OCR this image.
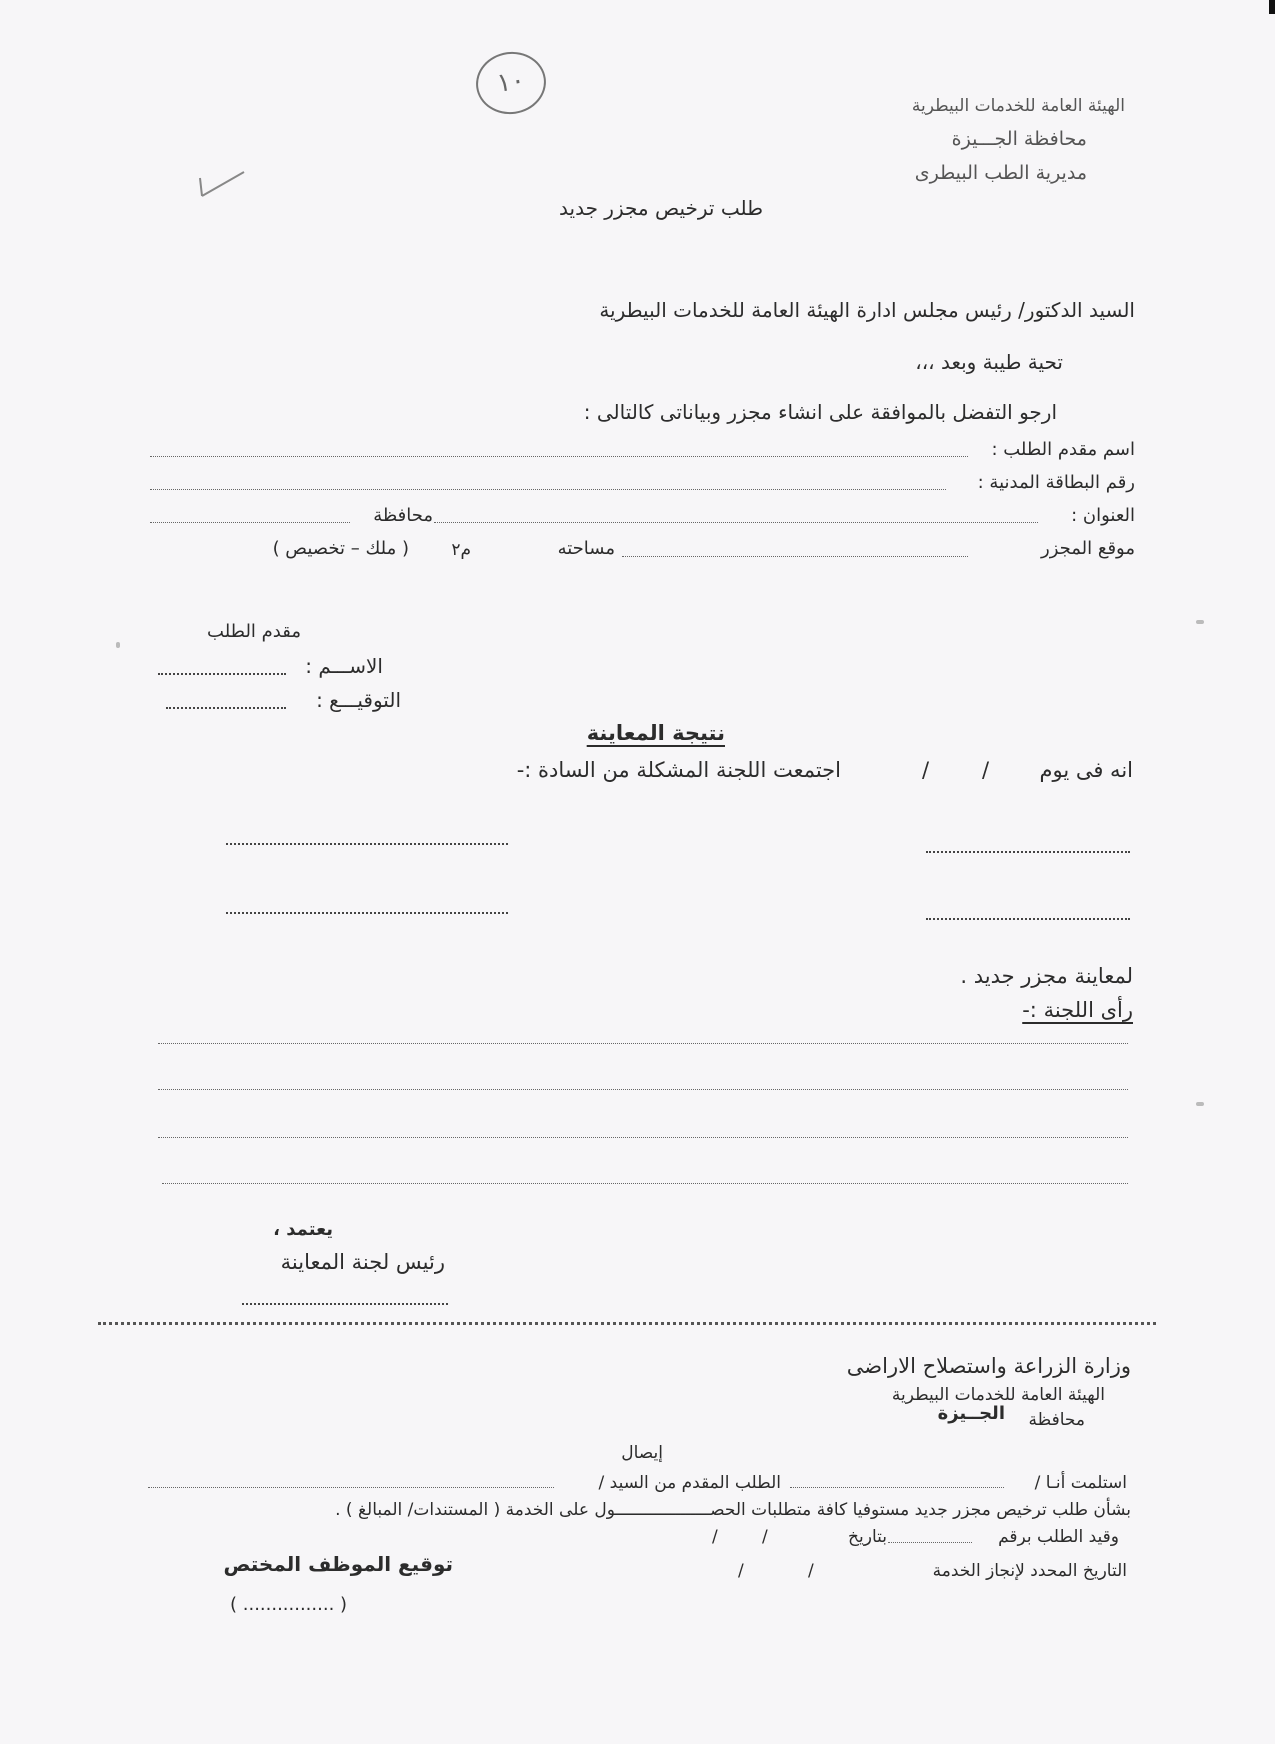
١٠
الهيئة العامة للخدمات البيطرية
محافظة الجـــيزة
مديرية الطب البيطرى
طلب ترخيص مجزر جديد
السيد الدكتور/ رئيس مجلس ادارة الهيئة العامة للخدمات البيطرية
تحية طيبة وبعد ،،،
ارجو التفضل بالموافقة على انشاء مجزر وبياناتى كالتالى :
اسم مقدم الطلب :
رقم البطاقة المدنية :
العنوان :
محافظة
موقع المجزر
مساحته
م٢
( ملك – تخصيص )
مقدم الطلب
الاســـم :
التوقيـــع :
نتيجة المعاينة
انه فى يوم
/
/
اجتمعت اللجنة المشكلة من السادة :-
لمعاينة مجزر جديد .
رأى اللجنة :-
يعتمد ،
رئيس لجنة المعاينة
وزارة الزراعة واستصلاح الاراضى
الهيئة العامة للخدمات البيطرية
محافظة
الجــيزة
إيصال
استلمت أنـا /
الطلب المقدم من السيد /
بشأن طلب ترخيص مجزر جديد مستوفيا كافة متطلبات الحصـــــــــــــــــــول على الخدمة ( المستندات/ المبالغ ) .
وقيد الطلب برقم
بتاريخ
/
/
التاريخ المحدد لإنجاز الخدمة
/
/
توقيع الموظف المختص
( ................ )
